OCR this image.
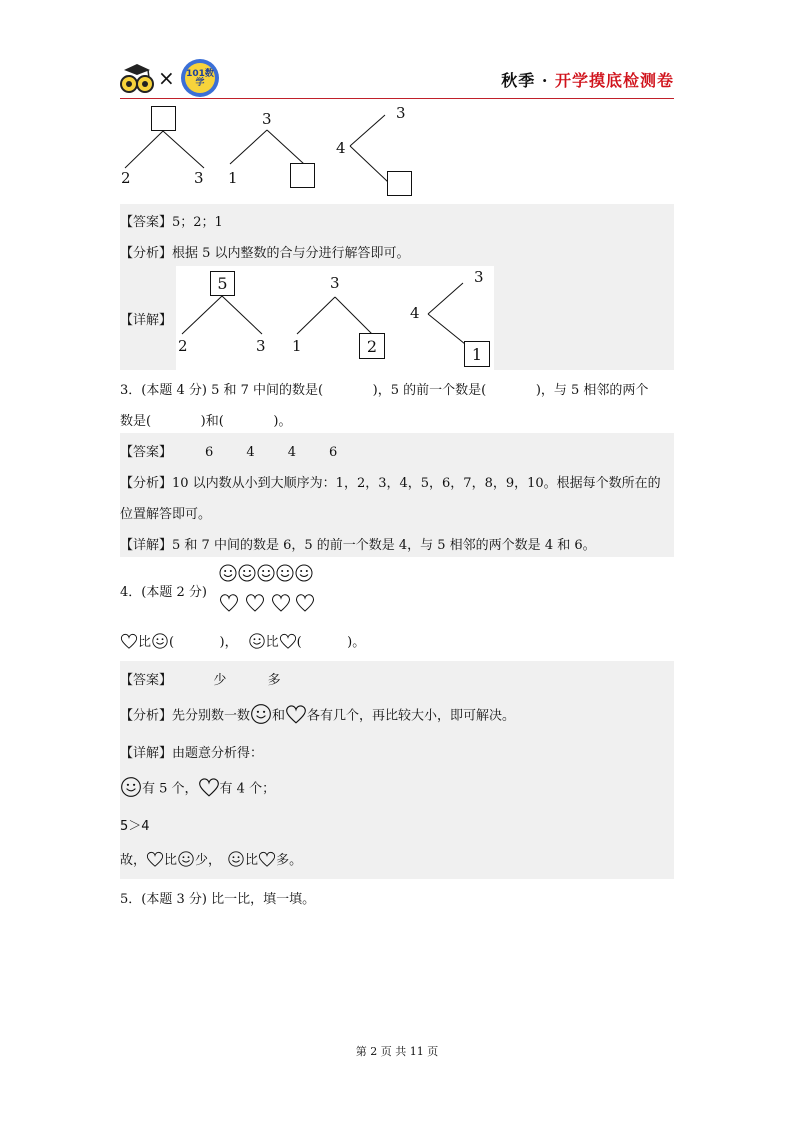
× 101数学	秋季 · 开学摸底检测卷
2	3
3
1
3
4
【答案】5；2；1
【分析】根据 5 以内整数的合与分进行解答即可。
【详解】
5
2	3
3
1	2
3
4
1
3．(本题 4 分) 5 和 7 中间的数是(            )，5 的前一个数是(            )，与 5 相邻的两个
数是(            )和(            )。
【答案】        6        4        4        6
【分析】10 以内数从小到大顺序为：1，2，3，4，5，6，7，8，9，10。根据每个数所在的
位置解答即可。
【详解】5 和 7 中间的数是 6，5 的前一个数是 4，与 5 相邻的两个数是 4 和 6。
4．(本题 2 分)
比 (           )， 比 (           )。
【答案】          少          多
【分析】先分别数一数 和 各有几个，再比较大小，即可解决。
【详解】由题意分析得：
有 5 个， 有 4 个；
5＞4
故， 比 少， 比 多。
5．(本题 3 分) 比一比，填一填。
第 2 页 共 11 页
